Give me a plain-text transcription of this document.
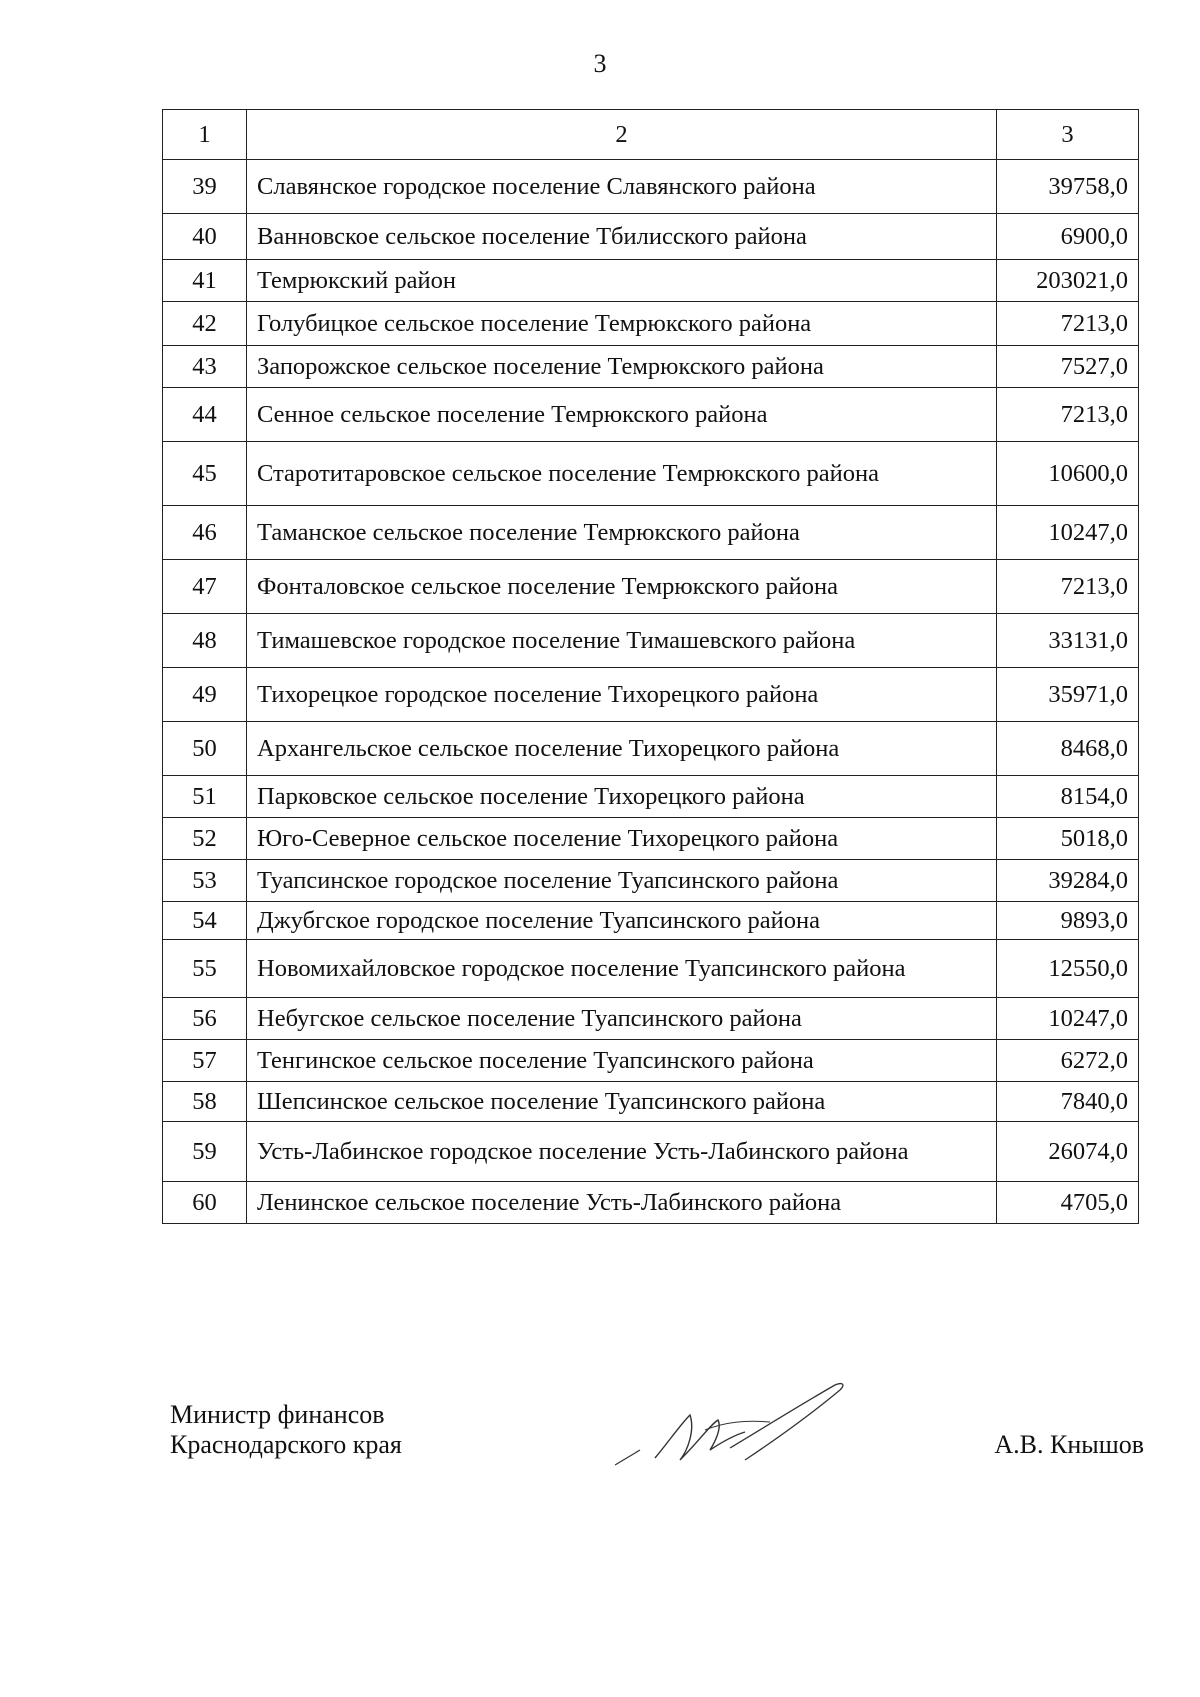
3
1	2	3
39	Славянское городское поселение Славянского района	39758,0
40	Ванновское сельское поселение Тбилисского района	6900,0
41	Темрюкский район	203021,0
42	Голубицкое сельское поселение Темрюкского района	7213,0
43	Запорожское сельское поселение Темрюкского района	7527,0
44	Сенное сельское поселение Темрюкского района	7213,0
45	Старотитаровское сельское поселение Темрюкского района	10600,0
46	Таманское сельское поселение Темрюкского района	10247,0
47	Фонталовское сельское поселение Темрюкского района	7213,0
48	Тимашевское городское поселение Тимашевского района	33131,0
49	Тихорецкое городское поселение Тихорецкого района	35971,0
50	Архангельское сельское поселение Тихорецкого района	8468,0
51	Парковское сельское поселение Тихорецкого района	8154,0
52	Юго-Северное сельское поселение Тихорецкого района	5018,0
53	Туапсинское городское поселение Туапсинского района	39284,0
54	Джубгское городское поселение Туапсинского района	9893,0
55	Новомихайловское городское поселение Туапсинского района	12550,0
56	Небугское сельское поселение Туапсинского района	10247,0
57	Тенгинское сельское поселение Туапсинского района	6272,0
58	Шепсинское сельское поселение Туапсинского района	7840,0
59	Усть-Лабинское городское поселение Усть-Лабинского района	26074,0
60	Ленинское сельское поселение Усть-Лабинского района	4705,0
Министр финансов
Краснодарского края	А.В. Кнышов
